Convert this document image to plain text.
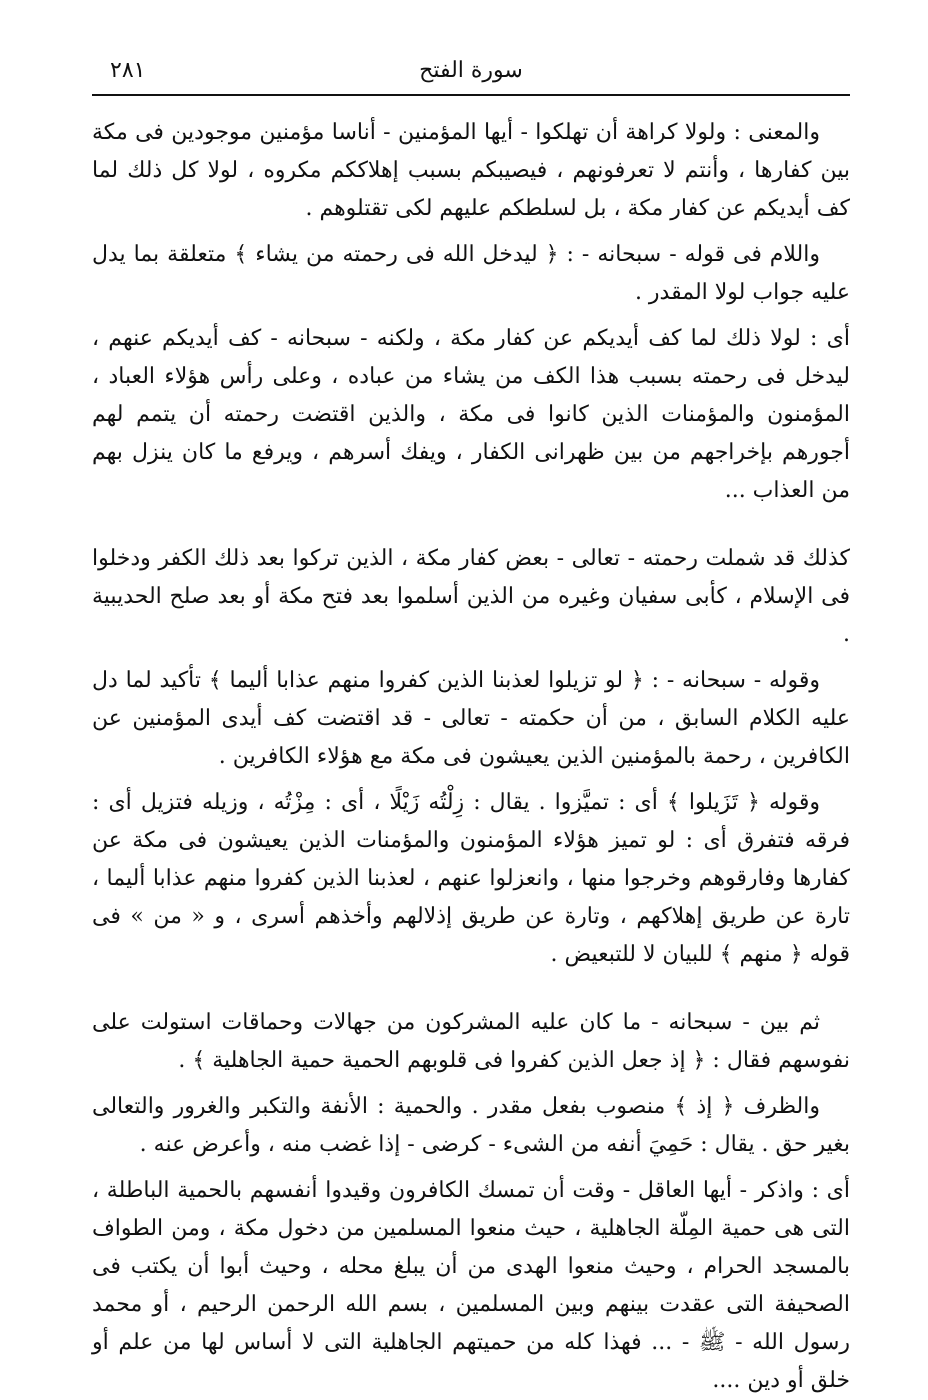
سورة الفتح
٢٨١

والمعنى : ولولا كراهة أن تهلكوا - أيها المؤمنين - أناسا مؤمنين موجودين فى مكة بين كفارها ، وأنتم لا تعرفونهم ، فيصيبكم بسبب إهلاككم مكروه ، لولا كل ذلك لما كف أيديكم عن كفار مكة ، بل لسلطكم عليهم لكى تقتلوهم .

واللام فى قوله - سبحانه - : ﴿ ليدخل الله فى رحمته من يشاء ﴾ متعلقة بما يدل عليه جواب لولا المقدر .

أى : لولا ذلك لما كف أيديكم عن كفار مكة ، ولكنه - سبحانه - كف أيديكم عنهم ، ليدخل فى رحمته بسبب هذا الكف من يشاء من عباده ، وعلى رأس هؤلاء العباد ، المؤمنون والمؤمنات الذين كانوا فى مكة ، والذين اقتضت رحمته أن يتمم لهم أجورهم بإخراجهم من بين ظهرانى الكفار ، ويفك أسرهم ، ويرفع ما كان ينزل بهم من العذاب ...

كذلك قد شملت رحمته - تعالى - بعض كفار مكة ، الذين تركوا بعد ذلك الكفر ودخلوا فى الإسلام ، كأبى سفيان وغيره من الذين أسلموا بعد فتح مكة أو بعد صلح الحديبية .

وقوله - سبحانه - : ﴿ لو تزيلوا لعذبنا الذين كفروا منهم عذابا أليما ﴾ تأكيد لما دل عليه الكلام السابق ، من أن حكمته - تعالى - قد اقتضت كف أيدى المؤمنين عن الكافرين ، رحمة بالمؤمنين الذين يعيشون فى مكة مع هؤلاء الكافرين .

وقوله ﴿ تَزَيلوا ﴾ أى : تميَّزوا . يقال : زِلْتُه زَيْلًا ، أى : مِزْتُه ، وزيله فتزيل أى : فرقه فتفرق أى : لو تميز هؤلاء المؤمنون والمؤمنات الذين يعيشون فى مكة عن كفارها وفارقوهم وخرجوا منها ، وانعزلوا عنهم ، لعذبنا الذين كفروا منهم عذابا أليما ، تارة عن طريق إهلاكهم ، وتارة عن طريق إذلالهم وأخذهم أسرى ، و « من » فى قوله ﴿ منهم ﴾ للبيان لا للتبعيض .

ثم بين - سبحانه - ما كان عليه المشركون من جهالات وحماقات استولت على نفوسهم فقال : ﴿ إذ جعل الذين كفروا فى قلوبهم الحمية حمية الجاهلية ﴾ .

والظرف ﴿ إذ ﴾ منصوب بفعل مقدر . والحمية : الأنفة والتكبر والغرور والتعالى بغير حق . يقال : حَمِيَ أنفه من الشىء - كرضى - إذا غضب منه ، وأعرض عنه .

أى : واذكر - أيها العاقل - وقت أن تمسك الكافرون وقيدوا أنفسهم بالحمية الباطلة ، التى هى حمية المِلّة الجاهلية ، حيث منعوا المسلمين من دخول مكة ، ومن الطواف بالمسجد الحرام ، وحيث منعوا الهدى من أن يبلغ محله ، وحيث أبوا أن يكتب فى الصحيفة التى عقدت بينهم وبين المسلمين ، بسم الله الرحمن الرحيم ، أو محمد رسول الله - ﷺ - ... فهذا كله من حميتهم الجاهلية التى لا أساس لها من علم أو خلق أو دين ....
